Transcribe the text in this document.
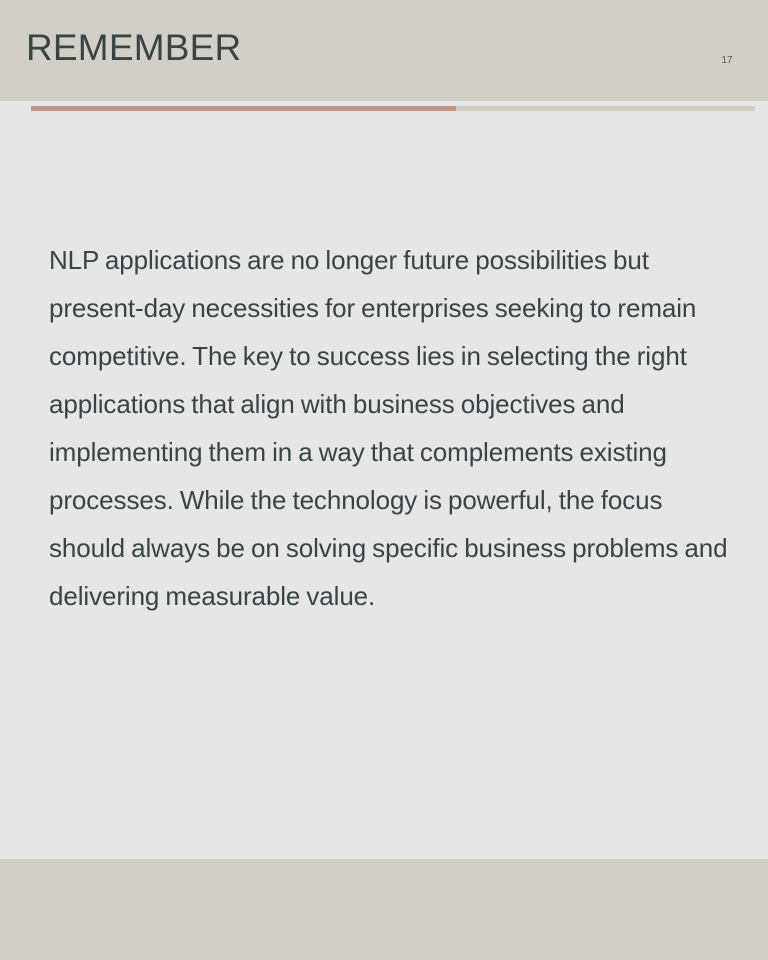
REMEMBER	17
NLP applications are no longer future possibilities but present-day necessities for enterprises seeking to remain competitive. The key to success lies in selecting the right applications that align with business objectives and implementing them in a way that complements existing processes. While the technology is powerful, the focus should always be on solving specific business problems and delivering measurable value.
